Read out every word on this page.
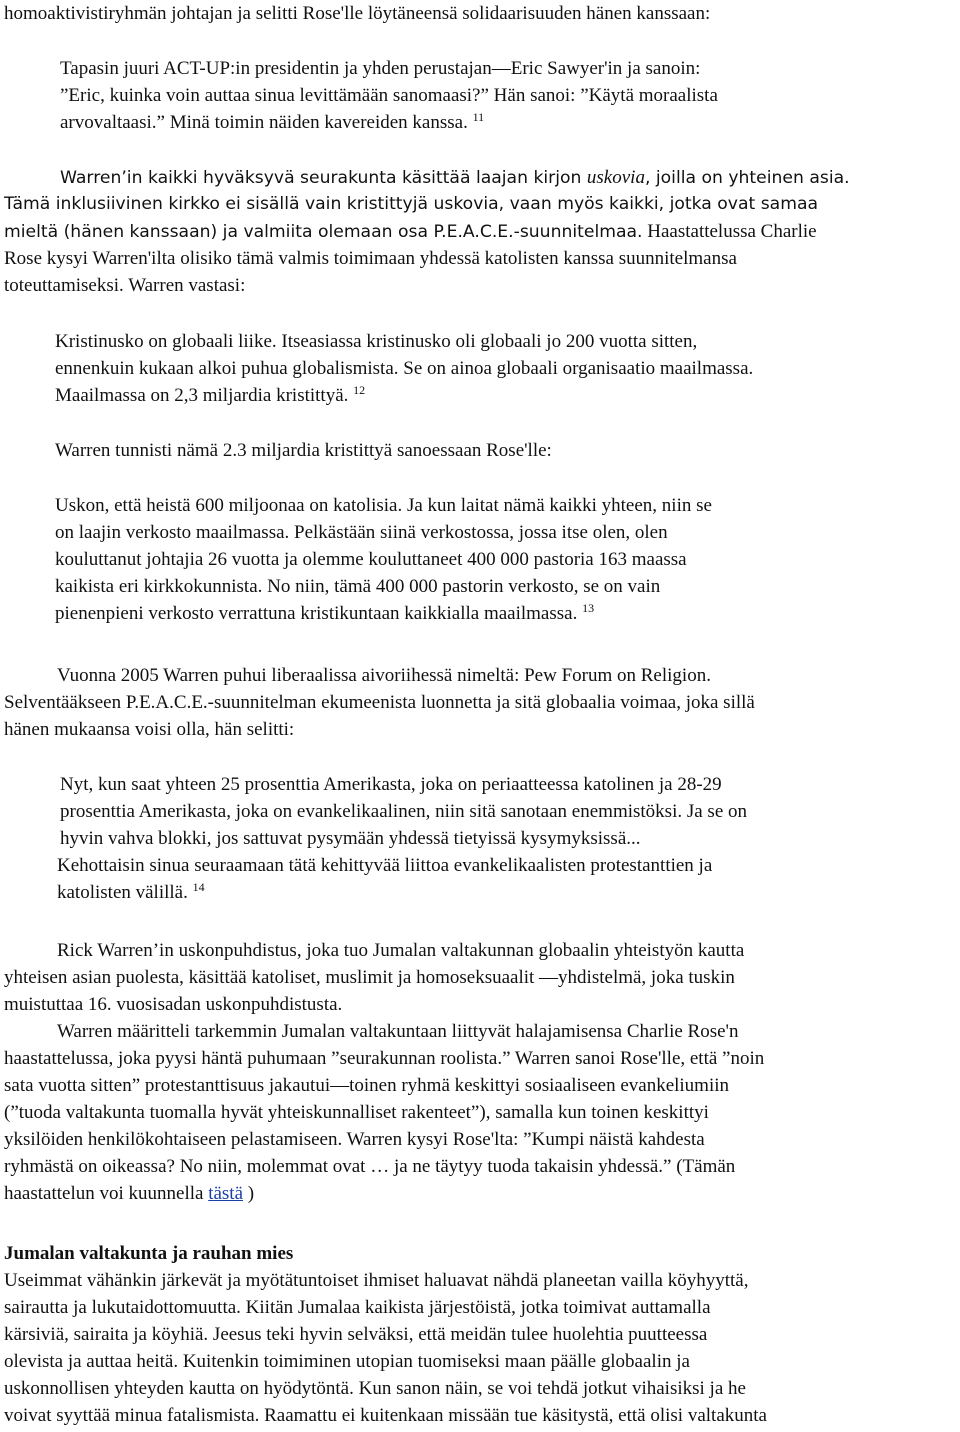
homoaktivistiryhmän johtajan ja selitti Rose'lle löytäneensä solidaarisuuden hänen kanssaan:
Tapasin juuri ACT-UP:in presidentin ja yhden perustajan—Eric Sawyer'in ja sanoin:
”Eric, kuinka voin auttaa sinua levittämään sanomaasi?” Hän sanoi: ”Käytä moraalista
arvovaltaasi.” Minä toimin näiden kavereiden kanssa. $^{11}$
Warren’in kaikki hyväksyvä seurakunta käsittää laajan kirjon uskovia, joilla on yhteinen asia.
Tämä inklusiivinen kirkko ei sisällä vain kristittyjä uskovia, vaan myös kaikki, jotka ovat samaa
mieltä (hänen kanssaan) ja valmiita olemaan osa P.E.A.C.E.-suunnitelmaa. Haastattelussa Charlie
Rose kysyi Warren'ilta olisiko tämä valmis toimimaan yhdessä katolisten kanssa suunnitelmansa
toteuttamiseksi. Warren vastasi:
Kristinusko on globaali liike. Itseasiassa kristinusko oli globaali jo 200 vuotta sitten,
ennenkuin kukaan alkoi puhua globalismista. Se on ainoa globaali organisaatio maailmassa.
Maailmassa on 2,3 miljardia kristittyä. $^{12}$
Warren tunnisti nämä 2.3 miljardia kristittyä sanoessaan Rose'lle:
Uskon, että heistä 600 miljoonaa on katolisia. Ja kun laitat nämä kaikki yhteen, niin se
on laajin verkosto maailmassa. Pelkästään siinä verkostossa, jossa itse olen, olen
kouluttanut johtajia 26 vuotta ja olemme kouluttaneet 400 000 pastoria 163 maassa
kaikista eri kirkkokunnista. No niin, tämä 400 000 pastorin verkosto, se on vain
pienenpieni verkosto verrattuna kristikuntaan kaikkialla maailmassa. $^{13}$
Vuonna 2005 Warren puhui liberaalissa aivoriihessä nimeltä: Pew Forum on Religion.
Selventääkseen P.E.A.C.E.-suunnitelman ekumeenista luonnetta ja sitä globaalia voimaa, joka sillä
hänen mukaansa voisi olla, hän selitti:
Nyt, kun saat yhteen 25 prosenttia Amerikasta, joka on periaatteessa katolinen ja 28-29
prosenttia Amerikasta, joka on evankelikaalinen, niin sitä sanotaan enemmistöksi. Ja se on
hyvin vahva blokki, jos sattuvat pysymään yhdessä tietyissä kysymyksissä...
Kehottaisin sinua seuraamaan tätä kehittyvää liittoa evankelikaalisten protestanttien ja
katolisten välillä. $^{14}$
Rick Warren’in uskonpuhdistus, joka tuo Jumalan valtakunnan globaalin yhteistyön kautta
yhteisen asian puolesta, käsittää katoliset, muslimit ja homoseksuaalit —yhdistelmä, joka tuskin
muistuttaa 16. vuosisadan uskonpuhdistusta.
Warren määritteli tarkemmin Jumalan valtakuntaan liittyvät halajamisensa Charlie Rose'n
haastattelussa, joka pyysi häntä puhumaan ”seurakunnan roolista.” Warren sanoi Rose'lle, että ”noin
sata vuotta sitten” protestanttisuus jakautui—toinen ryhmä keskittyi sosiaaliseen evankeliumiin
(”tuoda valtakunta tuomalla hyvät yhteiskunnalliset rakenteet”), samalla kun toinen keskittyi
yksilöiden henkilökohtaiseen pelastamiseen. Warren kysyi Rose'lta: ”Kumpi näistä kahdesta
ryhmästä on oikeassa? No niin, molemmat ovat … ja ne täytyy tuoda takaisin yhdessä.” (Tämän
haastattelun voi kuunnella tästä )
Jumalan valtakunta ja rauhan mies
Useimmat vähänkin järkevät ja myötätuntoiset ihmiset haluavat nähdä planeetan vailla köyhyyttä,
sairautta ja lukutaidottomuutta. Kiitän Jumalaa kaikista järjestöistä, jotka toimivat auttamalla
kärsiviä, sairaita ja köyhiä. Jeesus teki hyvin selväksi, että meidän tulee huolehtia puutteessa
olevista ja auttaa heitä. Kuitenkin toimiminen utopian tuomiseksi maan päälle globaalin ja
uskonnollisen yhteyden kautta on hyödytöntä. Kun sanon näin, se voi tehdä jotkut vihaisiksi ja he
voivat syyttää minua fatalismista. Raamattu ei kuitenkaan missään tue käsitystä, että olisi valtakunta
